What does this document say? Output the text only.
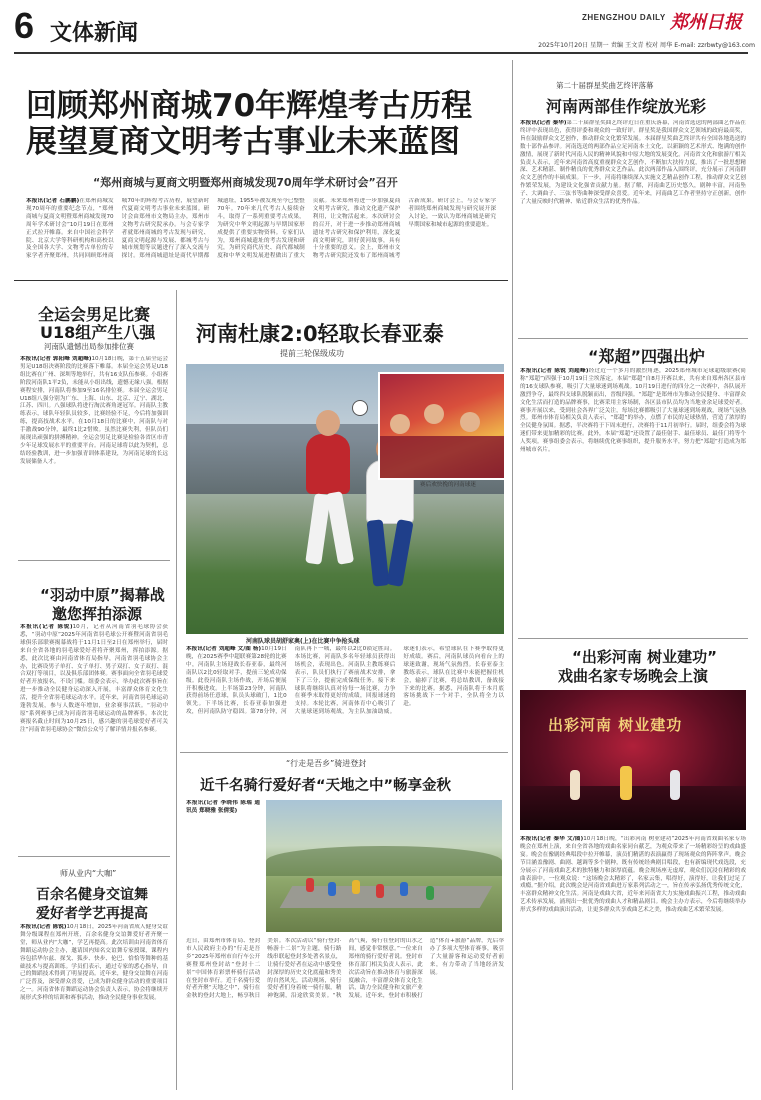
6 文体新闻
ZHENGZHOU DAILY 郑州日报
2025年10月20日 星期一 责编 王文青 校对 周华 E-mail: zzrbwty@163.com
回顾郑州商城70年辉煌考古历程
展望夏商文明考古事业未来蓝图
“郑州商城与夏商文明暨郑州商城发现70周年学术研讨会”召开
本报讯(记者 石鹏鹏)在郑州商城发现70周年的重要纪念节点，“郑州商城与夏商文明暨郑州商城发现70周年学术研讨会”10月19日在郑州正式拉开帷幕。来自中国社会科学院、北京大学等科研机构和高校以及全国各大学、文物考古单位的专家学者齐聚郑州，共同回顾郑州商城70年的辉煌考古历程，展望新时代夏商文明考古事业未来蓝图。研讨会由郑州市文物局主办，郑州市文物考古研究院承办。与会专家学者就郑州商城的考古发现与研究、夏商文明起源与发展、都城考古与城市规划等议题进行了深入交流与探讨。郑州商城遗址是商代早期都城遗址，1955年被发现至今已整整70年。70年来几代考古人接续奋斗，取得了一系列重要考古成果，为研究中华文明起源与早期国家形成提供了重要实物资料。专家们认为，郑州商城遗址的考古发现和研究，为研究商代历史、商代都城制度和中华文明发展进程做出了重大贡献。未来郑州将进一步加强夏商文明考古研究，推动文化遗产保护利用，让文物活起来。本次研讨会的召开，对于进一步推动郑州商城遗址考古研究和保护利用，深化夏商文明研究，讲好黄河故事，具有十分重要的意义。会上，郑州市文物考古研究院还发布了郑州商城考古新成果。研讨会上，与会专家学者围绕郑州商城发现与研究展开深入讨论，一致认为郑州商城是研究早期国家和城市起源的重要遗址。
全运会男足比赛
U18组产生八强
河南队遗憾出局参加排位赛
本报讯(记者 郭阳峰 刘超峰)10月18日晚，第十五届全运会男足U18组决赛阶段的比赛落下帷幕。本届全运会男足U18组比赛在广州、深圳等地举行，共有16支队伍参赛。小组赛阶段河南队1平2负，未能从小组出线，遗憾无缘八强。根据赛程安排，河南队将参加9至16名排位赛。本届全运会男足U18组八强分别为广东、上海、山东、北京、辽宁、湖北、江苏、四川。八强球队将进行淘汰赛角逐冠军。河南队主教练表示，球队年轻队员较多，比赛经验不足，今后将加强训练，提高技战术水平。在10月18日的比赛中，河南队与对手激战90分钟，最终1比2惜败。虽然比赛失利，但队员们展现出顽强的拼搏精神。全运会男足比赛是检验各省区市青少年足球发展水平的重要平台。河南足球将以此为契机，总结经验教训，进一步加强青训体系建设，为河南足球的长远发展储备人才。
“羽动中原”揭幕战
邀您挥拍添源
本报讯(记者 陈锐)10月，记者从河南省羽毛球协会获悉，“羽动中原”2025年河南省羽毛球公开赛暨河南省羽毛球俱乐部联赛揭幕战将于11月1日至2日在郑州举行，届时来自全省各地的羽毛球爱好者将齐聚郑州，挥拍添源。据悉，此次比赛由河南省体育局指导，河南省羽毛球协会主办，比赛设男子单打、女子单打、男子双打、女子双打、混合双打等项目，以及俱乐部团体赛。赛事面向全省羽毛球爱好者开放报名，不设门槛。组委会表示，举办此次赛事旨在进一步推动全民健身运动深入开展，丰富群众体育文化生活，提升全省羽毛球运动水平。近年来，河南省羽毛球运动蓬勃发展，参与人数逐年增加，业余赛事活跃。“羽动中原”系列赛事已成为河南省羽毛球运动的品牌赛事。本次比赛报名截止时间为10月25日，感兴趣的羽毛球爱好者可关注“河南省羽毛球协会”微信公众号了解详情并报名参赛。
师从业内“大咖”
百余名健身交谊舞
爱好者学艺再提高
本报讯(记者 陈锐)10月18日，2025年河南省成人健身交谊舞分级课程在郑州开班，百余名健身交谊舞爱好者齐聚一堂，师从业内“大咖”，学艺再提高。此次培训由河南省体育舞蹈运动协会主办，邀请国内知名交谊舞专家授课，课程内容包括华尔兹、探戈、狐步、快步、伦巴、恰恰等舞种的基础技术与提高训练。学员们表示，通过专家的悉心指导，自己的舞蹈技术得到了明显提高。近年来，健身交谊舞在河南广泛普及，深受群众喜爱，已成为群众健身活动的重要项目之一。河南省体育舞蹈运动协会负责人表示，协会将继续开展形式多样的培训和赛事活动，推动全民健身事业发展。
河南杜康2:0轻取长春亚泰
提前三轮保级成功
赛后欢快挽的河南球迷
河南队球员胡舒家奥(上)在比赛中争抢头球
本报讯(记者 刘超峰 文/图 杨)10月19日晚，在2025赛季中超联赛第28轮的比赛中，河南队主场迎战长春亚泰，最终河南队以2比0轻取对手，提前三轮成功保级。此役河南队主场作战，开场后便展开积极进攻。上半场第23分钟，河南队获得前场任意球，队员头球破门，1比0领先。下半场比赛，长春亚泰加强进攻，但河南队防守稳固。第78分钟，河南队再下一城，最终以2比0锁定胜局。本场比赛，河南队多名年轻球员获得出场机会，表现出色。河南队主教练赛后表示，队员们执行了赛前战术安排，拿下了三分，提前完成保级任务。接下来球队将继续认真对待每一场比赛，力争在赛季末取得更好的成绩，回报球迷的支持。本轮比赛，河南体育中心吸引了大量球迷到场观战，为主队加油助威。球迷们表示，希望球队在下赛季取得更好成绩。赛后，河南队球员向看台上的球迷致谢，现场气氛热烈。长春亚泰主教练表示，球队在比赛中未能把握住机会，输掉了比赛，将总结教训，备战接下来的比赛。据悉，河南队将于本月底客场挑战下一个对手，全队将全力以赴。
“行走是吾乡”骑进登封
近千名骑行爱好者“天地之中”畅享金秋
本报讯(记者 李晓伟 陈瑞 通讯员 郑晓雅 张倩雯)
近日，由郑州市体育局、登封市人民政府主办的“行走是吾乡”2025年郑州市自行车公开赛暨郑州登封站“登封十二景”中国体育彩票杯骑行活动在登封市举行。近千名骑行爱好者齐聚“天地之中”，骑行在金秋的登封大地上，畅享秋日美景。本次活动以“骑行登封·畅游十二景”为主题，骑行路线串联起登封多处著名景点，让骑行爱好者在运动中感受登封深厚的历史文化底蕴和秀美的自然风光。活动现场，骑行爱好者们身着统一骑行服，精神饱满，沿途欣赏美景。“秋高气爽，骑行在登封的山水之间，感觉非常惬意。”一位来自郑州的骑行爱好者说。登封市体育部门相关负责人表示，此次活动旨在推动体育与旅游深度融合，丰富群众体育文化生活，助力全民健身和文旅产业发展。近年来，登封市积极打造“体育+旅游”品牌，先后举办了多项大型体育赛事，吸引了大量游客和运动爱好者前来，有力带动了当地经济发展。
第二十届群星奖曲艺终评落幕
河南两部佳作绽放光彩
本报讯(记者 秦华)第二十届群星奖曲艺终评近日在重庆落幕，河南省选送的两部曲艺作品在终评中表现出色，获得评委和观众的一致好评。群星奖是我国群众文艺领域的政府最高奖，旨在鼓励群众文艺创作，推动群众文化繁荣发展。本届群星奖曲艺终评共有全国各地选送的数十部作品参评。河南选送的两部作品立足河南本土文化，以新颖的艺术形式、饱满的创作激情，展现了新时代河南人民的精神风貌和中原大地的发展变化。河南省文化和旅游厅相关负责人表示，近年来河南省高度重视群众文艺创作，不断加大扶持力度，推出了一批思想精深、艺术精湛、制作精良的优秀群众文艺作品。此次两部作品入围终评，充分展示了河南群众文艺创作的丰硕成果。下一步，河南将继续深入实施文艺精品创作工程，推动群众文艺创作繁荣发展，为建设文化强省贡献力量。据了解，河南曲艺历史悠久，剧种丰富，河南坠子、大调曲子、三弦书等曲种深受群众喜爱。近年来，河南曲艺工作者坚持守正创新，创作了大量反映时代精神、贴近群众生活的优秀作品。
“郑超”四强出炉
本报讯(记者 陈锐 刘超峰)经过近一个多月的激烈角逐，2025郑州城市足球超级联赛(简称“郑超”)四强于10月19日尘埃落定。本届“郑超”自8月开赛以来，共有来自郑州各区县市的16支球队参赛，吸引了大量球迷到场观战。10月19日进行的四分之一决赛中，各队展开激烈争夺，最终四支球队脱颖而出，晋级四强。“郑超”是郑州市为推动全民健身、丰富群众文化生活而打造的品牌赛事，比赛采用主客场制，各区县市队员均为当地业余足球爱好者。赛事开展以来，受到社会各界广泛关注，每场比赛都吸引了大量球迷到场观战，现场气氛热烈。郑州市体育局相关负责人表示，“郑超”的举办，点燃了市民的足球热情，营造了浓厚的全民健身氛围。据悉，半决赛将于下周末进行，决赛将于11月初举行。届时，组委会将为球迷们带来更加精彩的比赛。此外，本届“郑超”还设置了最佳射手、最佳球员、最佳门将等个人奖项。赛事组委会表示，将继续优化赛事组织，提升服务水平，努力把“郑超”打造成为郑州城市名片。
“出彩河南 树业建功”
戏曲名家专场晚会上演
出彩河南 树业建功
本报讯(记者 秦华 文/图)10月18日晚，“出彩河南 树业建功”2025年河南省戏曲名家专场晚会在郑州上演，来自全省各地的戏曲名家同台献艺，为观众带来了一场精彩纷呈的戏曲盛宴。晚会在豫剧经典唱段中拉开帷幕，演员们精湛的表演赢得了现场观众的阵阵掌声。晚会节目涵盖豫剧、曲剧、越调等多个剧种，既有传统经典剧目唱段，也有新编现代戏选段，充分展示了河南戏曲艺术的独特魅力和深厚底蕴。晚会现场座无虚席，观众们沉浸在精彩的戏曲表演中。一位观众说：“这场晚会太精彩了，名家云集，唱得好，演得好，让我们过足了戏瘾。”据介绍，此次晚会是河南省戏曲进万家系列活动之一，旨在传承弘扬优秀传统文化，丰富群众精神文化生活。河南是戏曲大省，近年来河南省大力实施戏曲振兴工程，推动戏曲艺术传承发展，涌现出一批优秀的戏曲人才和精品剧目。晚会主办方表示，今后将继续举办形式多样的戏曲演出活动，让更多群众共享戏曲艺术之美，推动戏曲艺术繁荣发展。
